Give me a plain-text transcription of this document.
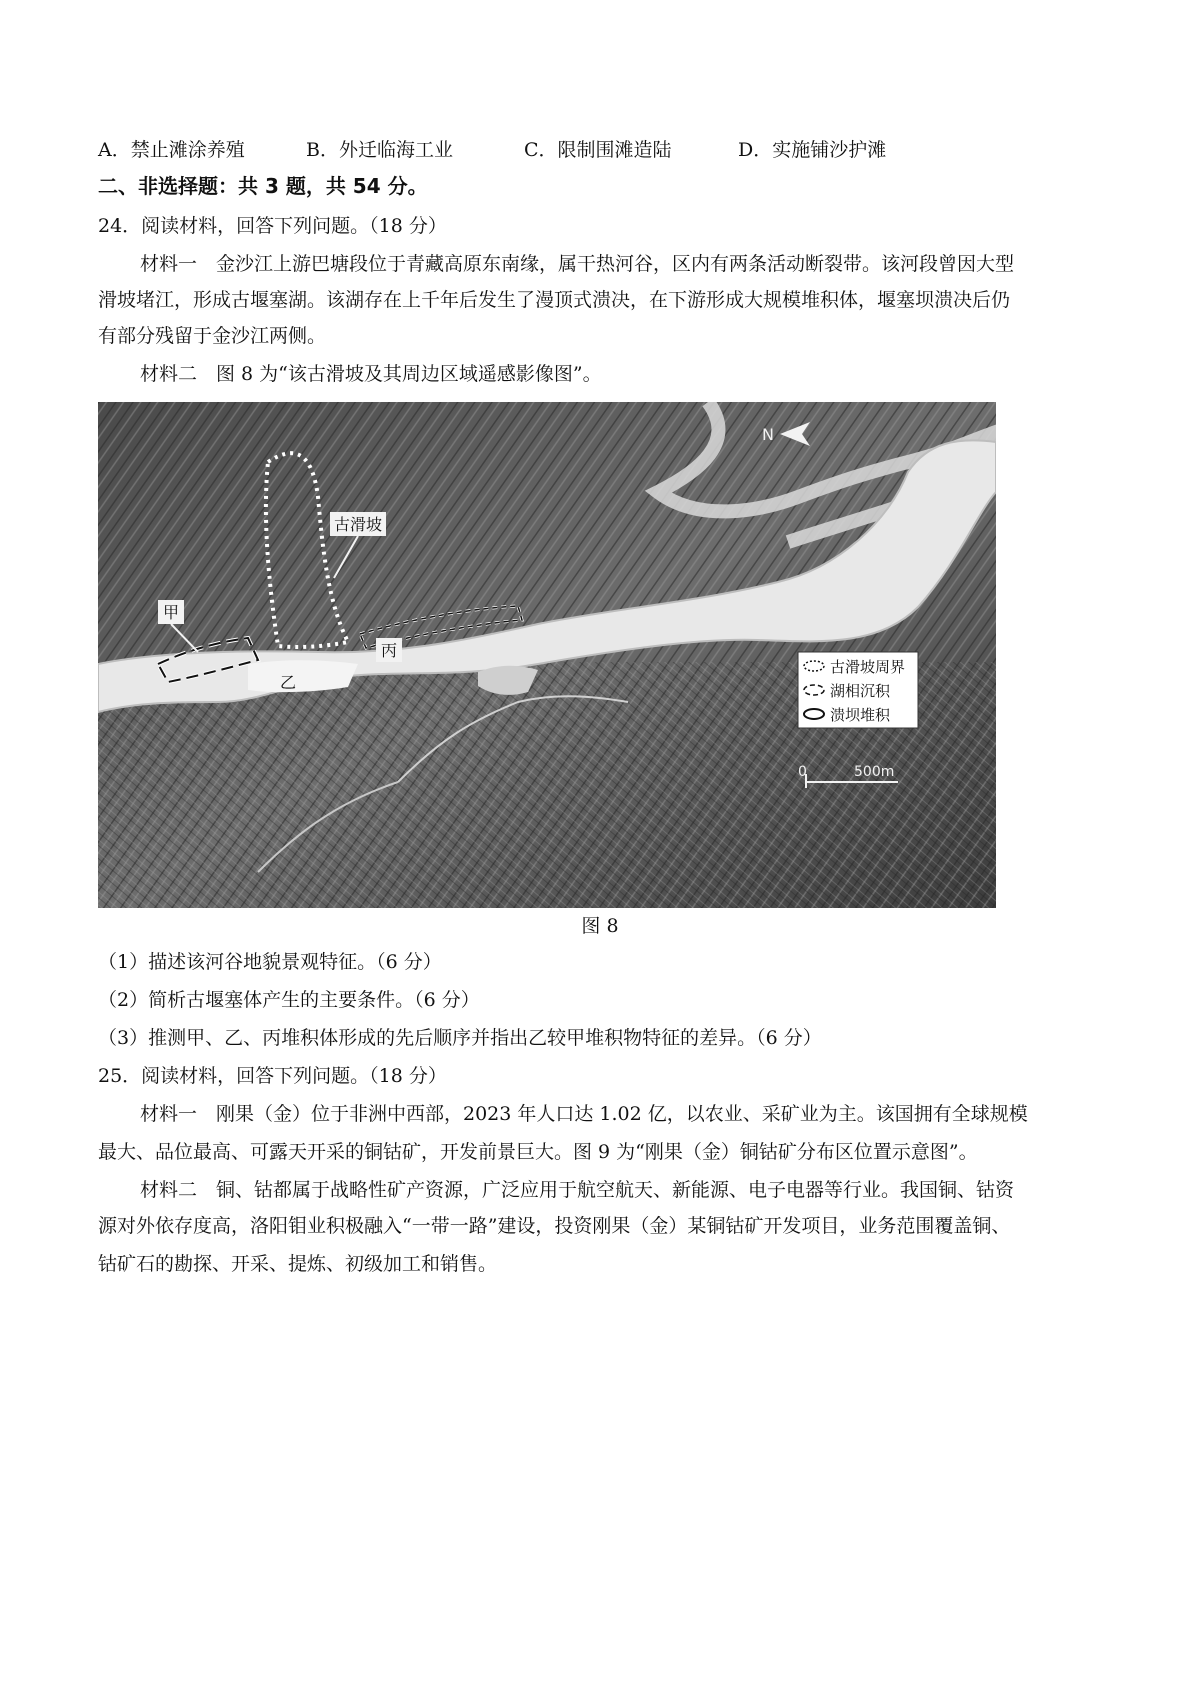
A．禁止滩涂养殖	B．外迁临海工业	C．限制围滩造陆	D．实施铺沙护滩
二、非选择题：共 3 题，共 54 分。
24．阅读材料，回答下列问题。（18 分）
材料一　金沙江上游巴塘段位于青藏高原东南缘，属干热河谷，区内有两条活动断裂带。该河段曾因大型
滑坡堵江，形成古堰塞湖。该湖存在上千年后发生了漫顶式溃决，在下游形成大规模堆积体，堰塞坝溃决后仍
有部分残留于金沙江两侧。
材料二　图 8 为“该古滑坡及其周边区域遥感影像图”。
古滑坡
甲
乙
丙
N
古滑坡周界
湖相沉积
溃坝堆积
0	500m
图 8
（1）描述该河谷地貌景观特征。（6 分）
（2）简析古堰塞体产生的主要条件。（6 分）
（3）推测甲、乙、丙堆积体形成的先后顺序并指出乙较甲堆积物特征的差异。（6 分）
25．阅读材料，回答下列问题。（18 分）
材料一　刚果（金）位于非洲中西部，2023 年人口达 1.02 亿，以农业、采矿业为主。该国拥有全球规模
最大、品位最高、可露天开采的铜钴矿，开发前景巨大。图 9 为“刚果（金）铜钴矿分布区位置示意图”。
材料二　铜、钴都属于战略性矿产资源，广泛应用于航空航天、新能源、电子电器等行业。我国铜、钴资
源对外依存度高，洛阳钼业积极融入“一带一路”建设，投资刚果（金）某铜钴矿开发项目，业务范围覆盖铜、
钴矿石的勘探、开采、提炼、初级加工和销售。
